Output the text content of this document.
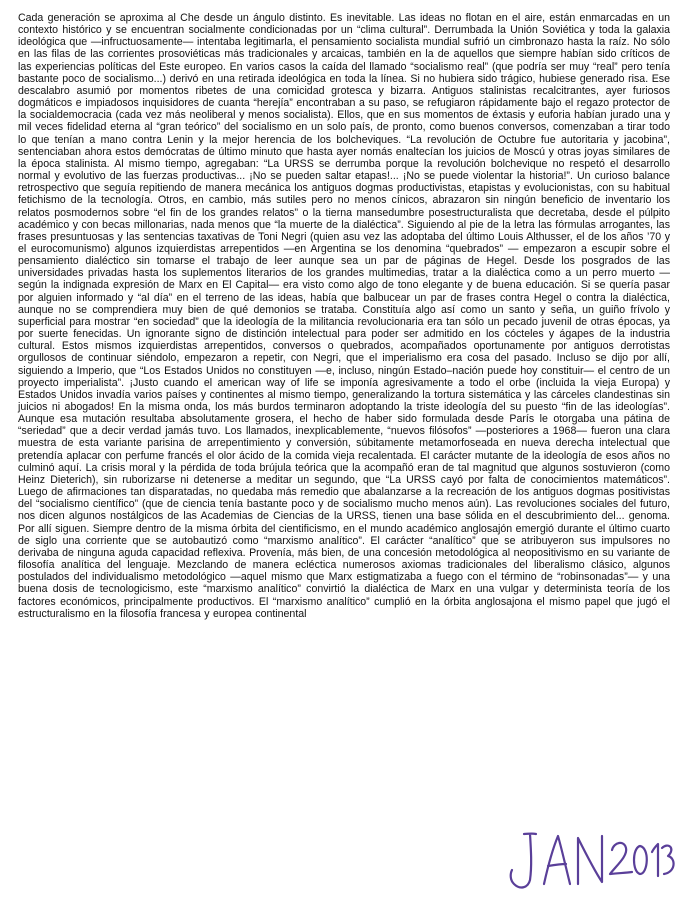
Cada generación se aproxima al Che desde un ángulo distinto. Es inevitable. Las ideas no flotan en el aire, están enmarcadas en un contexto histórico y se encuentran socialmente condicionadas por un “clima cultural”. Derrumbada la Unión Soviética y toda la galaxia ideológica que —infructuosamente— intentaba legitimarla, el pensamiento socialista mundial sufrió un cimbronazo hasta la raíz. No sólo en las filas de las corrientes prosoviéticas más tradicionales y arcaicas, también en la de aquellos que siempre habían sido críticos de las experiencias políticas del Este europeo. En varios casos la caída del llamado “socialismo real” (que podría ser muy “real” pero tenía bastante poco de socialismo...) derivó en una retirada ideológica en toda la línea. Si no hubiera sido trágico, hubiese generado risa. Ese descalabro asumió por momentos ribetes de una comicidad grotesca y bizarra. Antiguos stalinistas recalcitrantes, ayer furiosos dogmáticos e impiadosos inquisidores de cuanta “herejía” encontraban a su paso, se refugiaron rápidamente bajo el regazo protector de la socialdemocracia (cada vez más neoliberal y menos socialista). Ellos, que en sus momentos de éxtasis y euforia habían jurado una y mil veces fidelidad eterna al “gran teórico” del socialismo en un solo país, de pronto, como buenos conversos, comenzaban a tirar todo lo que tenían a mano contra Lenin y la mejor herencia de los bolcheviques. “La revolución de Octubre fue autoritaria y jacobina”, sentenciaban ahora estos demócratas de último minuto que hasta ayer nomás enaltecían los juicios de Moscú y otras joyas similares de la época stalinista. Al mismo tiempo, agregaban: “La URSS se derrumba porque la revolución bolchevique no respetó el desarrollo normal y evolutivo de las fuerzas productivas... ¡No se pueden saltar etapas!... ¡No se puede violentar la historia!”. Un curioso balance retrospectivo que seguía repitiendo de manera mecánica los antiguos dogmas productivistas, etapistas y evolucionistas, con su habitual fetichismo de la tecnología. Otros, en cambio, más sutiles pero no menos cínicos, abrazaron sin ningún beneficio de inventario los relatos posmodernos sobre “el fin de los grandes relatos” o la tierna mansedumbre posestructuralista que decretaba, desde el púlpito académico y con becas millonarias, nada menos que “la muerte de la dialéctica”. Siguiendo al pie de la letra las fórmulas arrogantes, las frases presuntuosas y las sentencias taxativas de Toni Negri (quien asu vez las adoptaba del último Louis Althusser, el de los años ’70 y el eurocomunismo) algunos izquierdistas arrepentidos —en Argentina se los denomina “quebrados” — empezaron a escupir sobre el pensamiento dialéctico sin tomarse el trabajo de leer aunque sea un par de páginas de Hegel. Desde los posgrados de las universidades privadas hasta los suplementos literarios de los grandes multimedias, tratar a la dialéctica como a un perro muerto —según la indignada expresión de Marx en El Capital— era visto como algo de tono elegante y de buena educación. Si se quería pasar por alguien informado y “al día” en el terreno de las ideas, había que balbucear un par de frases contra Hegel o contra la dialéctica, aunque no se comprendiera muy bien de qué demonios se trataba. Constituía algo así como un santo y seña, un guiño frívolo y superficial para mostrar “en sociedad” que la ideología de la militancia revolucionaria era tan sólo un pecado juvenil de otras épocas, ya por suerte fenecidas. Un ignorante signo de distinción intelectual para poder ser admitido en los cócteles y ágapes de la industria cultural. Estos mismos izquierdistas arrepentidos, conversos o quebrados, acompañados oportunamente por antiguos derrotistas orgullosos de continuar siéndolo, empezaron a repetir, con Negri, que el imperialismo era cosa del pasado. Incluso se dijo por allí, siguiendo a Imperio, que “Los Estados Unidos no constituyen —e, incluso, ningún Estado–nación puede hoy constituir— el centro de un proyecto imperialista”. ¡Justo cuando el american way of life se imponía agresivamente a todo el orbe (incluida la vieja Europa) y Estados Unidos invadía varios países y continentes al mismo tiempo, generalizando la tortura sistemática y las cárceles clandestinas sin juicios ni abogados! En la misma onda, los más burdos terminaron adoptando la triste ideología del su puesto “fin de las ideologías”. Aunque esa mutación resultaba absolutamente grosera, el hecho de haber sido formulada desde París le otorgaba una pátina de “seriedad” que a decir verdad jamás tuvo. Los llamados, inexplicablemente, “nuevos filósofos” —posteriores a 1968— fueron una clara muestra de esta variante parisina de arrepentimiento y conversión, súbitamente metamorfoseada en nueva derecha intelectual que pretendía aplacar con perfume francés el olor ácido de la comida vieja recalentada. El carácter mutante de la ideología de esos años no culminó aquí. La crisis moral y la pérdida de toda brújula teórica que la acompañó eran de tal magnitud que algunos sostuvieron (como Heinz Dieterich), sin ruborizarse ni detenerse a meditar un segundo, que “La URSS cayó por falta de conocimientos matemáticos”. Luego de afirmaciones tan disparatadas, no quedaba más remedio que abalanzarse a la recreación de los antiguos dogmas positivistas del “socialismo científico” (que de ciencia tenía bastante poco y de socialismo mucho menos aún). Las revoluciones sociales del futuro, nos dicen algunos nostálgicos de las Academias de Ciencias de la URSS, tienen una base sólida en el descubrimiento del... genoma. Por allí siguen. Siempre dentro de la misma órbita del cientificismo, en el mundo académico anglosajón emergió durante el último cuarto de siglo una corriente que se autobautizó como “marxismo analítico”. El carácter “analítico” que se atribuyeron sus impulsores no derivaba de ninguna aguda capacidad reflexiva. Provenía, más bien, de una concesión metodológica al neopositivismo en su variante de filosofía analítica del lenguaje. Mezclando de manera ecléctica numerosos axiomas tradicionales del liberalismo clásico, algunos postulados del individualismo metodológico —aquel mismo que Marx estigmatizaba a fuego con el término de “robinsonadas”— y una buena dosis de tecnologicismo, este “marxismo analítico” convirtió la dialéctica de Marx en una vulgar y determinista teoría de los factores económicos, principalmente productivos. El “marxismo analítico” cumplió en la órbita anglosajona el mismo papel que jugó el estructuralismo en la filosofía francesa y europea continental
